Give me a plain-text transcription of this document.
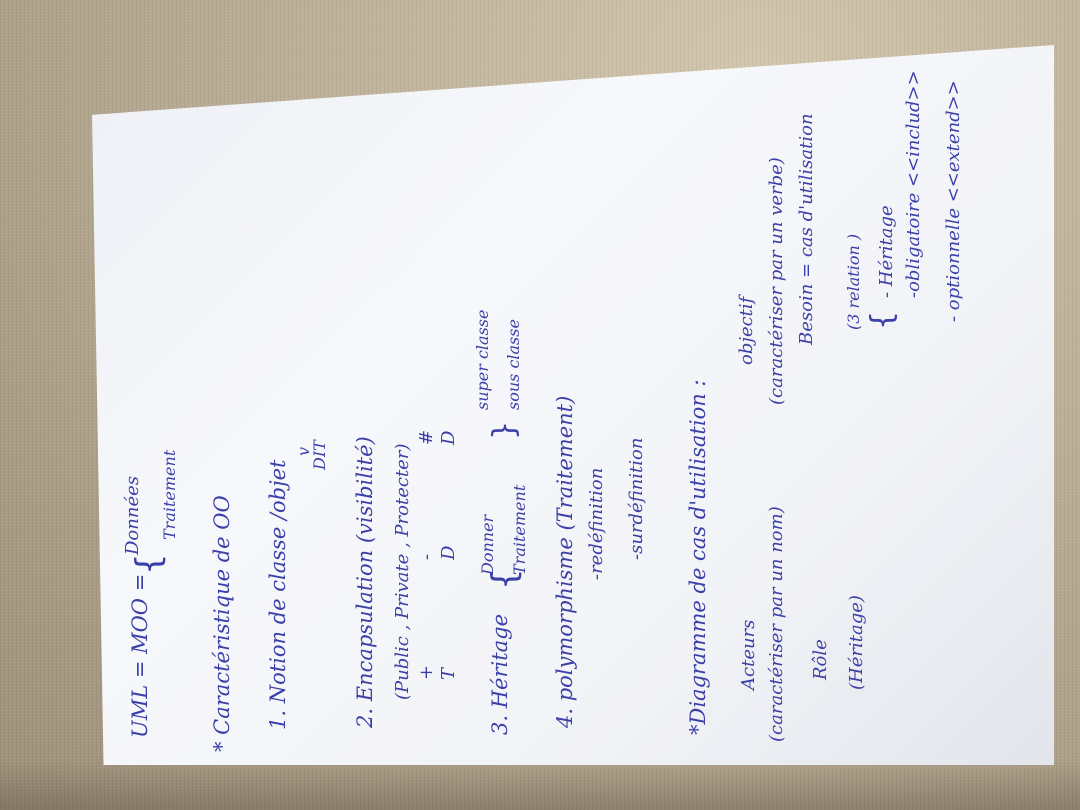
UML = MOO =
{
Données Traitement
* Caractéristique de OO 1. Notion de classe /objet
v
DIT 2. Encapsulation (visibilité) (Public , Private , Protecter) +
-
#
T
D
D
3. Héritage
{
Donner Traitement
}
super classe sous classe
4. polymorphisme (Traitement) -redéfinition -surdéfinition *Diagramme de cas d'utilisation : Acteurs (caractériser par un nom) Rôle (Héritage)
objectif (caractériser par un verbe) Besoin = cas d'utilisation (3 relation ) {
- Héritage -obligatoire <<includ>> - optionnelle <<extend>>
